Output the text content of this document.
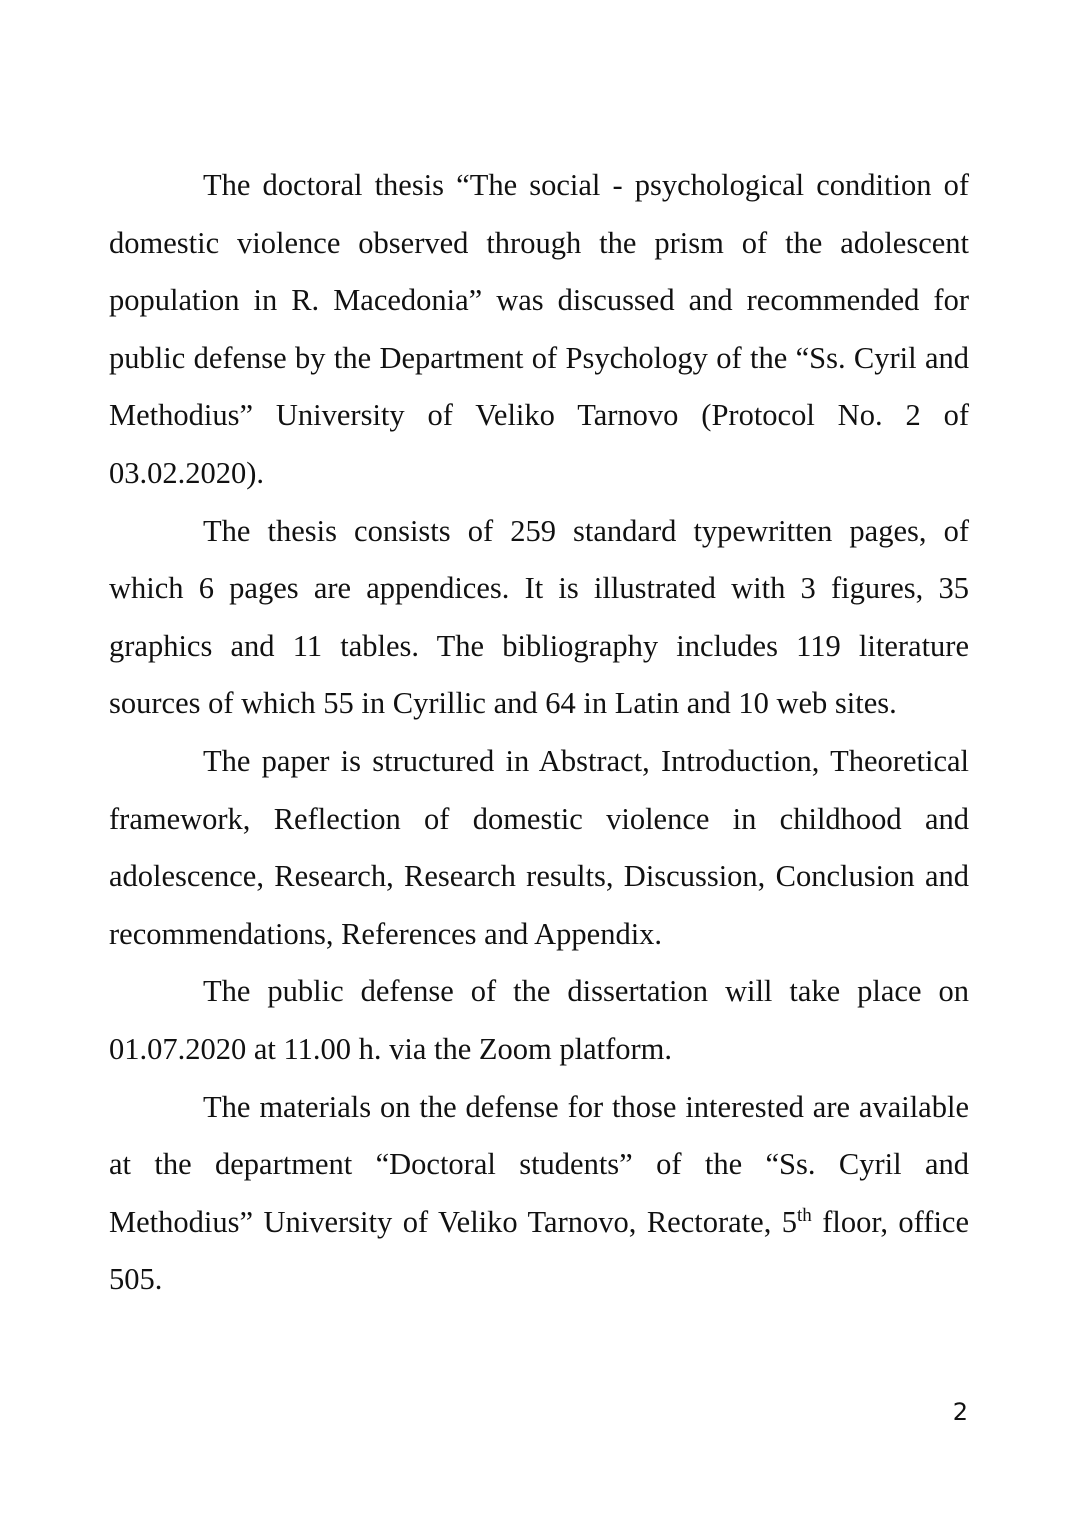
The doctoral thesis “The social - psychological condition of domestic violence observed through the prism of the adolescent population in R. Macedonia” was discussed and recommended for public defense by the Department of Psychology of the “Ss. Cyril and Methodius” University of Veliko Tarnovo (Protocol No. 2 of 03.02.2020).

The thesis consists of 259 standard typewritten pages, of which 6 pages are appendices. It is illustrated with 3 figures, 35 graphics and 11 tables. The bibliography includes 119 literature sources of which 55 in Cyrillic and 64 in Latin and 10 web sites.

The paper is structured in Abstract, Introduction, Theoretical framework, Reflection of domestic violence in childhood and adolescence, Research, Research results, Discussion, Conclusion and recommendations, References and Appendix.

The public defense of the dissertation will take place on 01.07.2020 at 11.00 h. via the Zoom platform.

The materials on the defense for those interested are available at the department “Doctoral students” of the “Ss. Cyril and Methodius” University of Veliko Tarnovo, Rectorate, 5th floor, office 505.

2
